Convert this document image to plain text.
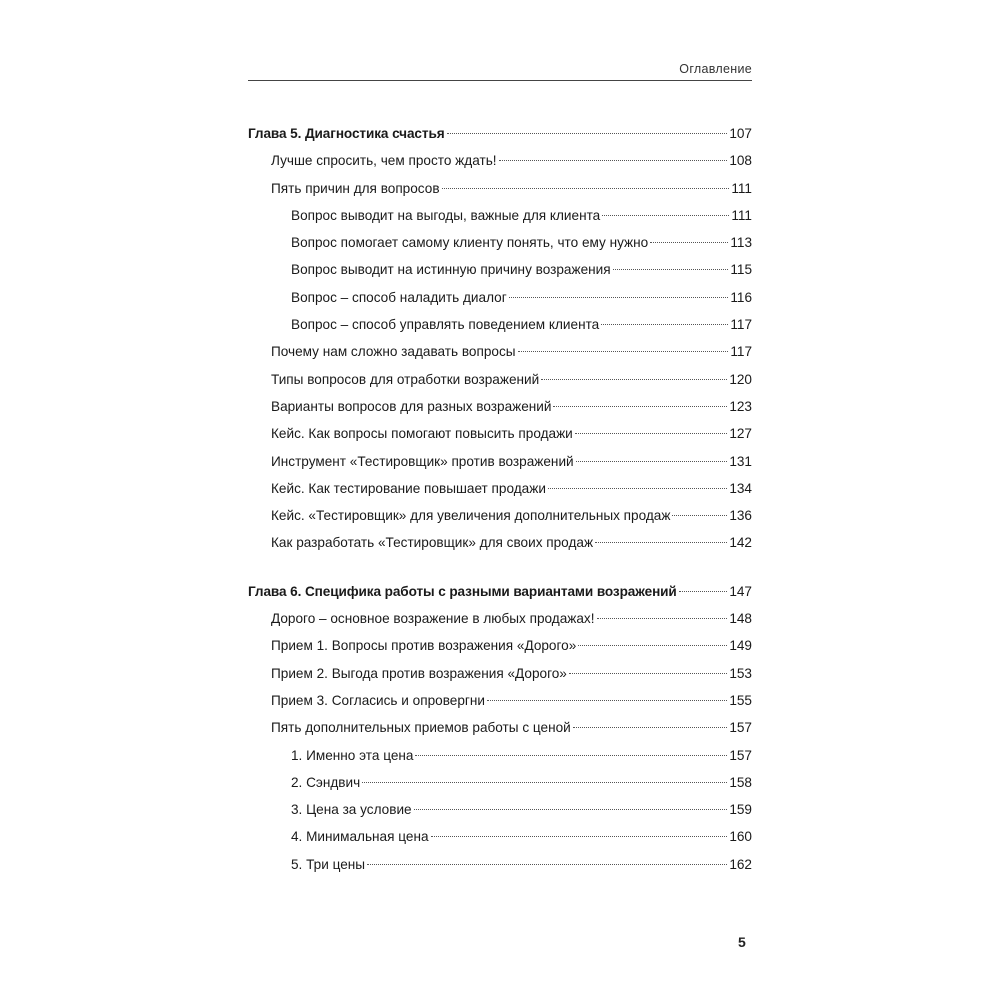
Оглавление
Глава 5. Диагностика счастья	107
Лучше спросить, чем просто ждать!	108
Пять причин для вопросов	111
Вопрос выводит на выгоды, важные для клиента	111
Вопрос помогает самому клиенту понять, что ему нужно	113
Вопрос выводит на истинную причину возражения	115
Вопрос – способ наладить диалог	116
Вопрос – способ управлять поведением клиента	117
Почему нам сложно задавать вопросы	117
Типы вопросов для отработки возражений	120
Варианты вопросов для разных возражений	123
Кейс. Как вопросы помогают повысить продажи	127
Инструмент «Тестировщик» против возражений	131
Кейс. Как тестирование повышает продажи	134
Кейс. «Тестировщик» для увеличения дополнительных продаж	136
Как разработать «Тестировщик» для своих продаж	142
Глава 6. Специфика работы с разными вариантами возражений	147
Дорого – основное возражение в любых продажах!	148
Прием 1. Вопросы против возражения «Дорого»	149
Прием 2. Выгода против возражения «Дорого»	153
Прием 3. Согласись и опровергни	155
Пять дополнительных приемов работы с ценой	157
1. Именно эта цена	157
2. Сэндвич	158
3. Цена за условие	159
4. Минимальная цена	160
5. Три цены	162
5
